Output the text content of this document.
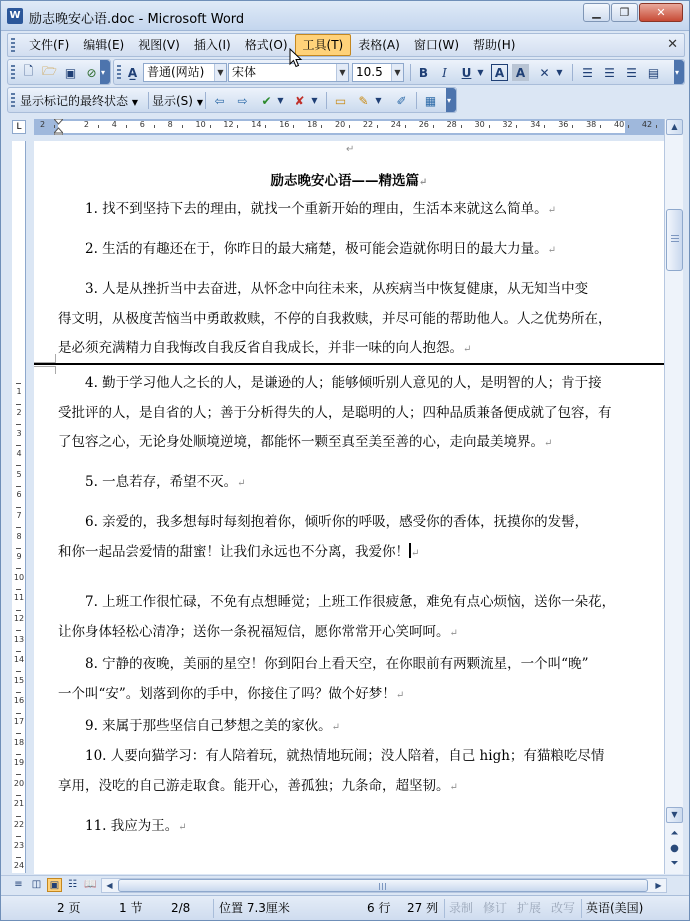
W 励志晚安心语.doc - Microsoft Word	▁ ❐ ✕
文件(F)	编辑(E)	视图(V)	插入(I)	格式(O)	工具(T)	表格(A)	窗口(W)	帮助(H)	✕
🗋 🗁 ▣ ⊘
▾	A̲ 普通(网站)	▼ 宋体	▼ 10.5	▼	B	I	U ▼ A A	✕ ▼	☰ ☰ ☰ ▤
▾
显示标记的最终状态 ▼	显示(S) ▼ ⇦ ⇨ ✔ ▼ ✘ ▼	▭ ✎ ▼	✐ ▦
▾
L	2	2	4	6	8	10 12 14 16 18 20 22 24 26 28 30 32 34 36 38 40 42
1
2
3
4
5
6
7
8
9
10
11
12
13
14
15
16
17
18
19
20
21
22
23
24
↵
励志晚安心语——精选篇↵
1. 找不到坚持下去的理由，就找一个重新开始的理由，生活本来就这么简单。↵
2. 生活的有趣还在于，你昨日的最大痛楚，极可能会造就你明日的最大力量。↵
3. 人是从挫折当中去奋进，从怀念中向往未来，从疾病当中恢复健康，从无知当中变
得文明，从极度苦恼当中勇敢救赎，不停的自我救赎，并尽可能的帮助他人。人之优势所在，
是必须充满精力自我悔改自我反省自我成长，并非一味的向人抱怨。↵
4. 勤于学习他人之长的人，是谦逊的人；能够倾听别人意见的人，是明智的人；肯于接
受批评的人，是自省的人；善于分析得失的人，是聪明的人；四种品质兼备便成就了包容，有
了包容之心，无论身处顺境逆境，都能怀一颗至真至美至善的心，走向最美境界。↵
5. 一息若存，希望不灭。↵
6. 亲爱的，我多想每时每刻抱着你，倾听你的呼吸，感受你的香体，抚摸你的发髻，
和你一起品尝爱情的甜蜜！让我们永远也不分离，我爱你！ ↵
7. 上班工作很忙碌，不免有点想睡觉；上班工作很疲惫，难免有点心烦恼，送你一朵花，
让你身体轻松心清净；送你一条祝福短信，愿你常常开心笑呵呵。↵
8. 宁静的夜晚，美丽的星空！你到阳台上看天空，在你眼前有两颗流星，一个叫“晚”
一个叫“安”。划落到你的手中，你接住了吗？做个好梦！↵
9. 来属于那些坚信自己梦想之美的家伙。↵
10. 人要向猫学习：有人陪着玩，就热情地玩闹；没人陪着，自己 high；有猫粮吃尽情
享用，没吃的自己游走取食。能开心，善孤独；九条命，超坚韧。↵
11. 我应为王。↵
▲
▼
⏶
●
⏷
≡ ◫ ▣ ☷ 📖	◀	▶
2 页	1 节 2/8 位置 7.3厘米	6 行 27 列 录制 修订 扩展 改写 英语(美国)
